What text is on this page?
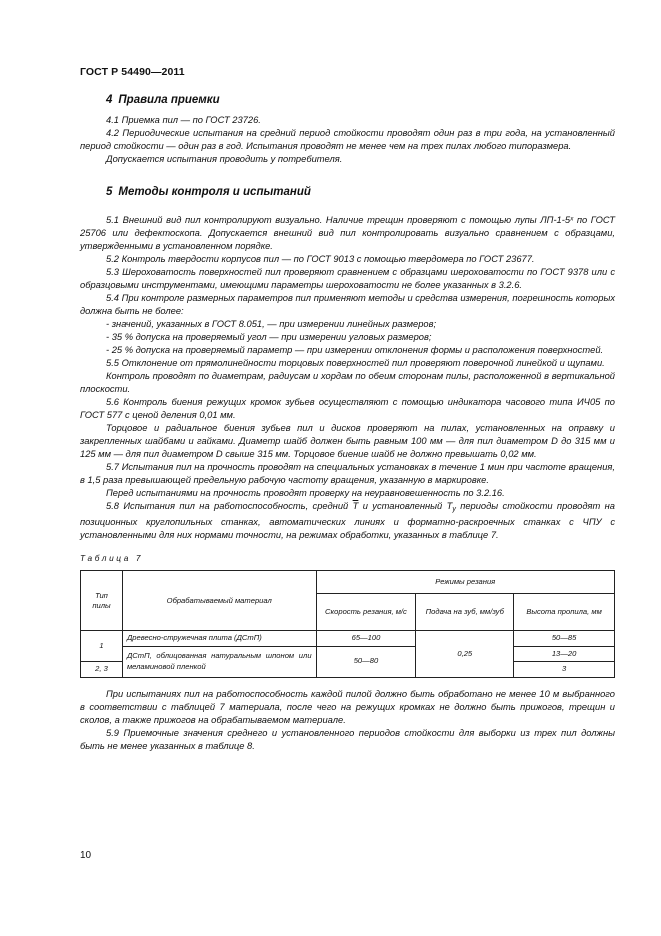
ГОСТ Р 54490—2011
4 Правила приемки

4.1 Приемка пил — по ГОСТ 23726.

4.2 Периодические испытания на средний период стойкости проводят один раз в три года, на установленный период стойкости — один раз в год. Испытания проводят не менее чем на трех пилах любого типоразмера.

Допускается испытания проводить у потребителя.

5 Методы контроля и испытаний

5.1 Внешний вид пил контролируют визуально. Наличие трещин проверяют с помощью лупы ЛП-1-5ˣ по ГОСТ 25706 или дефектоскопа. Допускается внешний вид пил контролировать визуально сравнением с образцами, утвержденными в установленном порядке.

5.2 Контроль твердости корпусов пил — по ГОСТ 9013 с помощью твердомера по ГОСТ 23677.

5.3 Шероховатость поверхностей пил проверяют сравнением с образцами шероховатости по ГОСТ 9378 или с образцовыми инструментами, имеющими параметры шероховатости не более указанных в 3.2.6.

5.4 При контроле размерных параметров пил применяют методы и средства измерения, погрешность которых должна быть не более:

- значений, указанных в ГОСТ 8.051, — при измерении линейных размеров;

- 35 % допуска на проверяемый угол — при измерении угловых размеров;

- 25 % допуска на проверяемый параметр — при измерении отклонения формы и расположения поверхностей.

5.5 Отклонение от прямолинейности торцовых поверхностей пил проверяют поверочной линейкой и щупами.

Контроль проводят по диаметрам, радиусам и хордам по обеим сторонам пилы, расположенной в вертикальной плоскости.

5.6 Контроль биения режущих кромок зубьев осуществляют с помощью индикатора часового типа ИЧ05 по ГОСТ 577 с ценой деления 0,01 мм.

Торцовое и радиальное биения зубьев пил и дисков проверяют на пилах, установленных на оправку и закрепленных шайбами и гайками. Диаметр шайб должен быть равным 100 мм — для пил диаметром D до 315 мм и 125 мм — для пил диаметром D свыше 315 мм. Торцовое биение шайб не должно превышать 0,02 мм.

5.7 Испытания пил на прочность проводят на специальных установках в течение 1 мин при частоте вращения, в 1,5 раза превышающей предельную рабочую частоту вращения, указанную в маркировке.

Перед испытаниями на прочность проводят проверку на неуравновешенность по 3.2.16.

5.8 Испытания пил на работоспособность, средний $\overline{T}$ и установленный $T_у$ периоды стойкости проводят на позиционных круглопильных станках, автоматических линиях и форматно-раскроечных станках с ЧПУ с установленными для них нормами точности, на режимах обработки, указанных в таблице 7.

Таблица 7
Тип пилы	Обрабатываемый материал	Режимы резания		
		Скорость резания, м/с	Подача на зуб, мм/зуб	Высота пропила, мм
1	Древесно-стружечная плита (ДСтП)	65—100	0,25	50—85
	ДСтП, облицованная натуральным шпоном или меламиновой пленкой	50—80		13—20
2, 3				3

При испытаниях пил на работоспособность каждой пилой должно быть обработано не менее 10 м выбранного в соответствии с таблицей 7 материала, после чего на режущих кромках не должно быть прижогов, трещин и сколов, а также прижогов на обрабатываемом материале.

5.9 Приемочные значения среднего и установленного периодов стойкости для выборки из трех пил должны быть не менее указанных в таблице 8.

10
